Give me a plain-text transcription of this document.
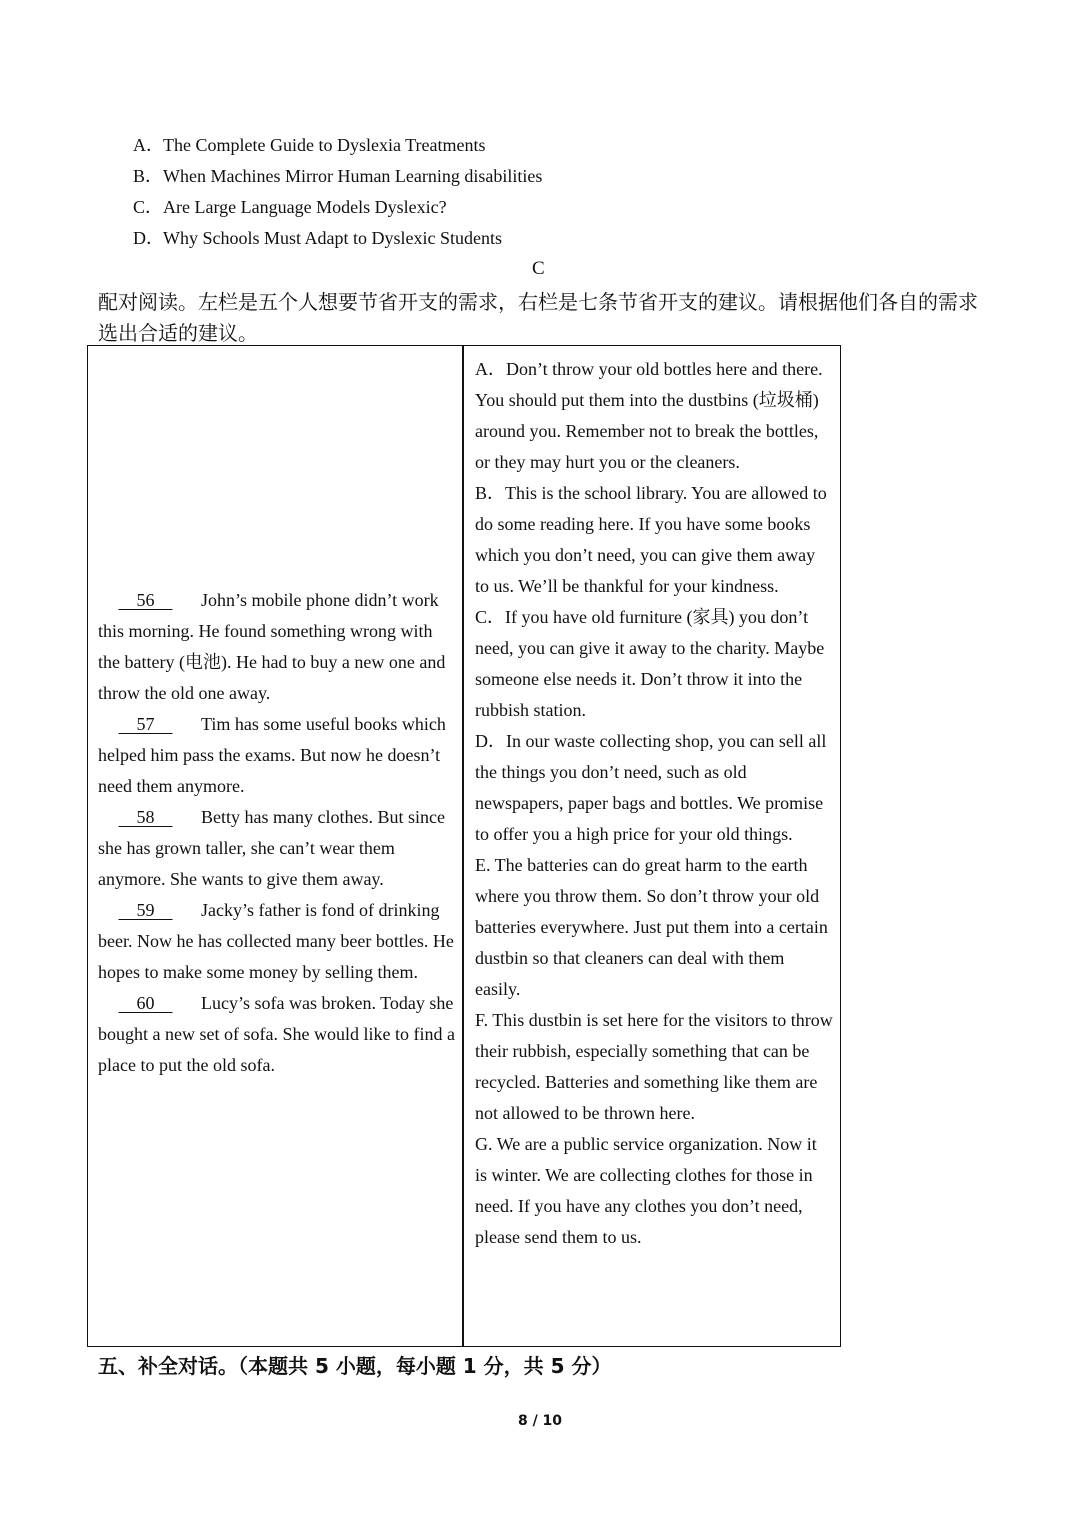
A．The Complete Guide to Dyslexia Treatments
B．When Machines Mirror Human Learning disabilities
C．Are Large Language Models Dyslexic?
D．Why Schools Must Adapt to Dyslexic Students
C
配对阅读。左栏是五个人想要节省开支的需求，右栏是七条节省开支的建议。请根据他们各自的需求选出合适的建议。
56	John’s mobile phone didn’t work this morning. He found something wrong with the battery (电池). He had to buy a new one and throw the old one away.
57	Tim has some useful books which helped him pass the exams. But now he doesn’t need them anymore.
58	Betty has many clothes. But since she has grown taller, she can’t wear them anymore. She wants to give them away.
59	Jacky’s father is fond of drinking beer. Now he has collected many beer bottles. He hopes to make some money by selling them.
60	Lucy’s sofa was broken. Today she bought a new set of sofa. She would like to find a place to put the old sofa.
A．Don’t throw your old bottles here and there. You should put them into the dustbins (垃圾桶) around you. Remember not to break the bottles, or they may hurt you or the cleaners.
B．This is the school library. You are allowed to do some reading here. If you have some books which you don’t need, you can give them away to us. We’ll be thankful for your kindness.
C．If you have old furniture (家具) you don’t need, you can give it away to the charity. Maybe someone else needs it. Don’t throw it into the rubbish station.
D．In our waste collecting shop, you can sell all the things you don’t need, such as old newspapers, paper bags and bottles. We promise to offer you a high price for your old things.
E. The batteries can do great harm to the earth where you throw them. So don’t throw your old batteries everywhere. Just put them into a certain dustbin so that cleaners can deal with them easily.
F. This dustbin is set here for the visitors to throw their rubbish, especially something that can be recycled. Batteries and something like them are not allowed to be thrown here.
G. We are a public service organization. Now it is winter. We are collecting clothes for those in need. If you have any clothes you don’t need, please send them to us.
五、补全对话。（本题共 5 小题，每小题 1 分，共 5 分）
8 / 10
